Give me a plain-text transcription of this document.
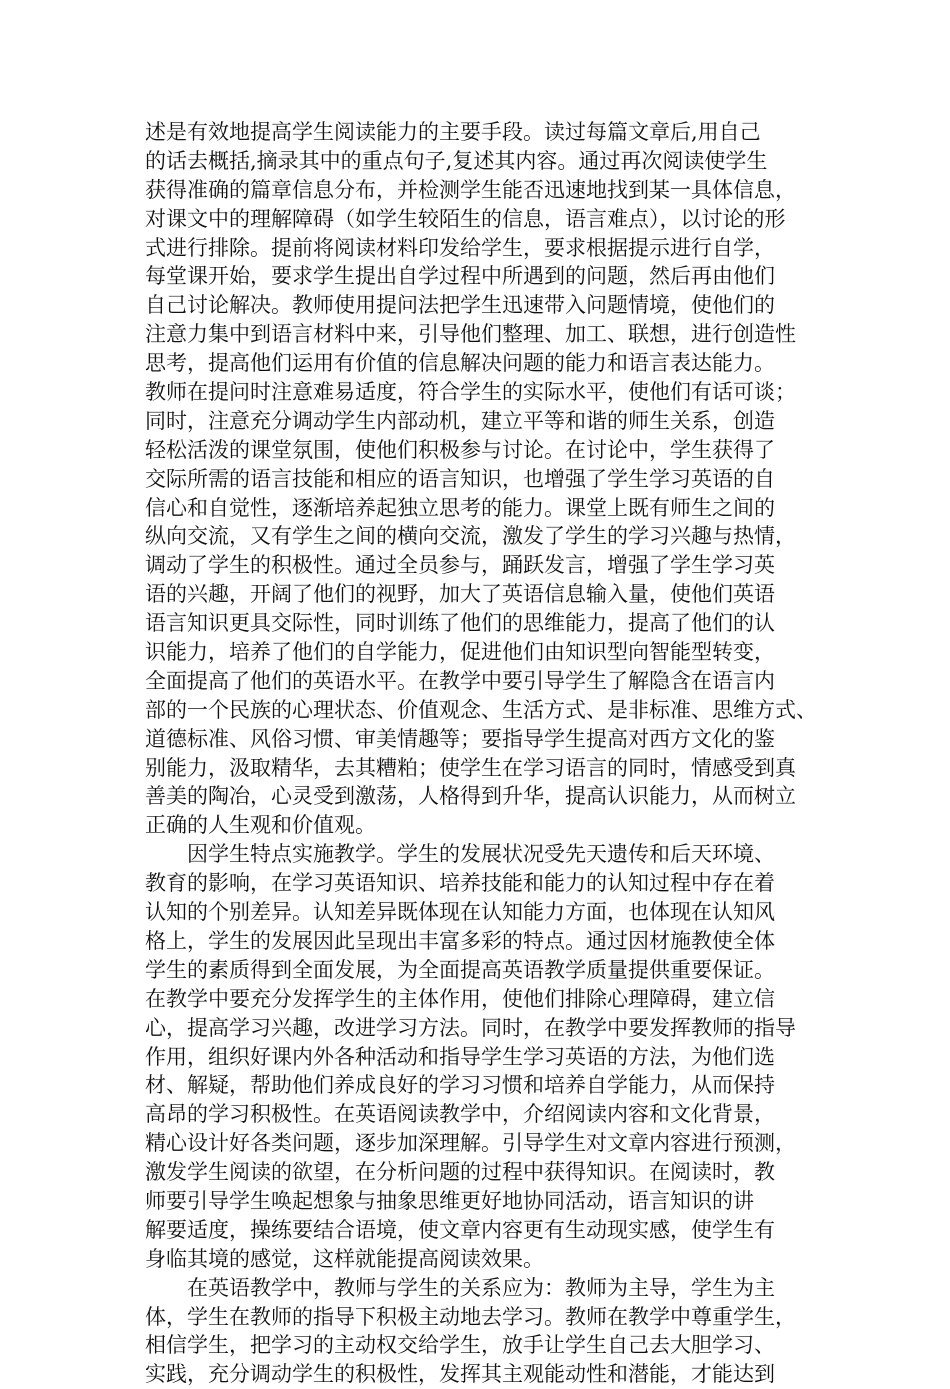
述是有效地提高学生阅读能力的主要手段。读过每篇文章后,用自己
的话去概括,摘录其中的重点句子,复述其内容。通过再次阅读使学生
获得准确的篇章信息分布，并检测学生能否迅速地找到某一具体信息，
对课文中的理解障碍（如学生较陌生的信息，语言难点），以讨论的形
式进行排除。提前将阅读材料印发给学生，要求根据提示进行自学，
每堂课开始，要求学生提出自学过程中所遇到的问题，然后再由他们
自己讨论解决。教师使用提问法把学生迅速带入问题情境，使他们的
注意力集中到语言材料中来，引导他们整理、加工、联想，进行创造性
思考，提高他们运用有价值的信息解决问题的能力和语言表达能力。
教师在提问时注意难易适度，符合学生的实际水平，使他们有话可谈；
同时，注意充分调动学生内部动机，建立平等和谐的师生关系，创造
轻松活泼的课堂氛围，使他们积极参与讨论。在讨论中，学生获得了
交际所需的语言技能和相应的语言知识，也增强了学生学习英语的自
信心和自觉性，逐渐培养起独立思考的能力。课堂上既有师生之间的
纵向交流，又有学生之间的横向交流，激发了学生的学习兴趣与热情，
调动了学生的积极性。通过全员参与，踊跃发言，增强了学生学习英
语的兴趣，开阔了他们的视野，加大了英语信息输入量，使他们英语
语言知识更具交际性，同时训练了他们的思维能力，提高了他们的认
识能力，培养了他们的自学能力，促进他们由知识型向智能型转变，
全面提高了他们的英语水平。在教学中要引导学生了解隐含在语言内
部的一个民族的心理状态、价值观念、生活方式、是非标准、思维方式、
道德标准、风俗习惯、审美情趣等；要指导学生提高对西方文化的鉴
别能力，汲取精华，去其糟粕；使学生在学习语言的同时，情感受到真
善美的陶冶，心灵受到激荡，人格得到升华，提高认识能力，从而树立
正确的人生观和价值观。
因学生特点实施教学。学生的发展状况受先天遗传和后天环境、
教育的影响，在学习英语知识、培养技能和能力的认知过程中存在着
认知的个别差异。认知差异既体现在认知能力方面，也体现在认知风
格上，学生的发展因此呈现出丰富多彩的特点。通过因材施教使全体
学生的素质得到全面发展，为全面提高英语教学质量提供重要保证。
在教学中要充分发挥学生的主体作用，使他们排除心理障碍，建立信
心，提高学习兴趣，改进学习方法。同时，在教学中要发挥教师的指导
作用，组织好课内外各种活动和指导学生学习英语的方法，为他们选
材、解疑，帮助他们养成良好的学习习惯和培养自学能力，从而保持
高昂的学习积极性。在英语阅读教学中，介绍阅读内容和文化背景，
精心设计好各类问题，逐步加深理解。引导学生对文章内容进行预测，
激发学生阅读的欲望，在分析问题的过程中获得知识。在阅读时，教
师要引导学生唤起想象与抽象思维更好地协同活动，语言知识的讲
解要适度，操练要结合语境，使文章内容更有生动现实感，使学生有
身临其境的感觉，这样就能提高阅读效果。
在英语教学中，教师与学生的关系应为：教师为主导，学生为主
体，学生在教师的指导下积极主动地去学习。教师在教学中尊重学生，
相信学生，把学习的主动权交给学生，放手让学生自己去大胆学习、
实践，充分调动学生的积极性，发挥其主观能动性和潜能，才能达到
